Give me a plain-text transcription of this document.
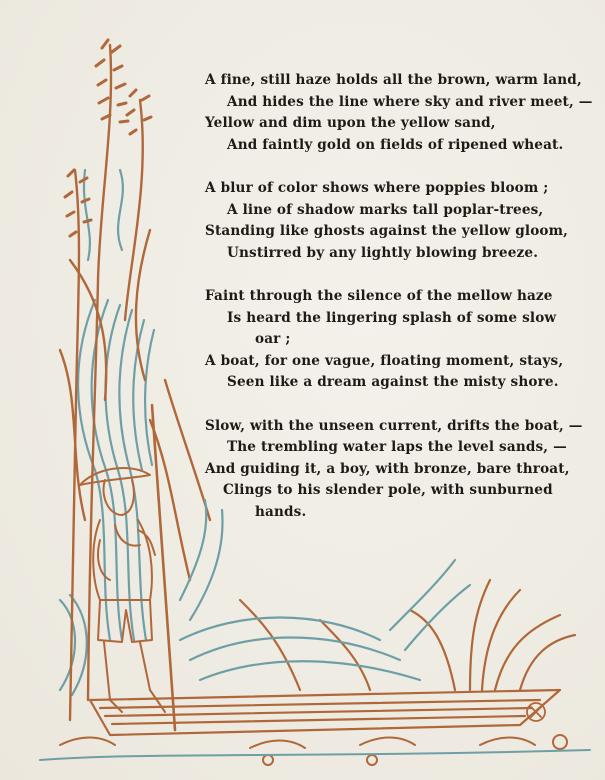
A fine, still haze holds all the brown, warm land,
And hides the line where sky and river meet, —
Yellow and dim upon the yellow sand,
And faintly gold on fields of ripened wheat.
A blur of color shows where poppies bloom ;
A line of shadow marks tall poplar-trees,
Standing like ghosts against the yellow gloom,
Unstirred by any lightly blowing breeze.
Faint through the silence of the mellow haze
Is heard the lingering splash of some slow
oar ;
A boat, for one vague, floating moment, stays,
Seen like a dream against the misty shore.
Slow, with the unseen current, drifts the boat, —
The trembling water laps the level sands, —
And guiding it, a boy, with bronze, bare throat,
Clings to his slender pole, with sunburned
hands.
